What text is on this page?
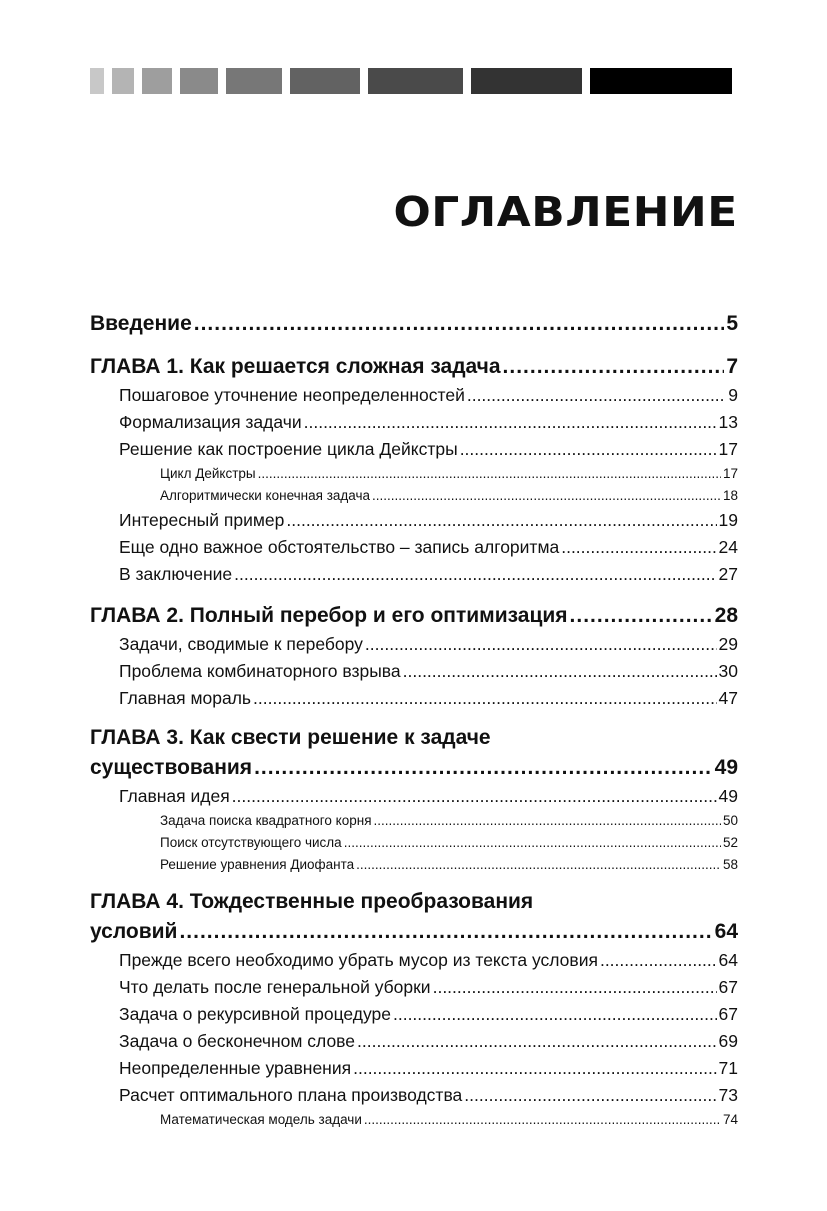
ОГЛАВЛЕНИЕ
Введение .....	5
ГЛАВА 1. Как решается сложная задача .....	7
Пошаговое уточнение неопределенностей .....	9
Формализация задачи .....	13
Решение как построение цикла Дейкстры .....	17
Цикл Дейкстры .....	17
Алгоритмически конечная задача .....	18
Интересный пример .....	19
Еще одно важное обстоятельство – запись алгоритма .....	24
В заключение .....	27
ГЛАВА 2. Полный перебор и его оптимизация .....	28
Задачи, сводимые к перебору .....	29
Проблема комбинаторного взрыва .....	30
Главная мораль .....	47
ГЛАВА 3. Как свести решение к задаче
существования .....	49
Главная идея .....	49
Задача поиска квадратного корня .....	50
Поиск отсутствующего числа .....	52
Решение уравнения Диофанта .....	58
ГЛАВА 4. Тождественные преобразования
условий .....	64
Прежде всего необходимо убрать мусор из текста условия .....	64
Что делать после генеральной уборки .....	67
Задача о рекурсивной процедуре .....	67
Задача о бесконечном слове .....	69
Неопределенные уравнения .....	71
Расчет оптимального плана производства .....	73
Математическая модель задачи .....	74
